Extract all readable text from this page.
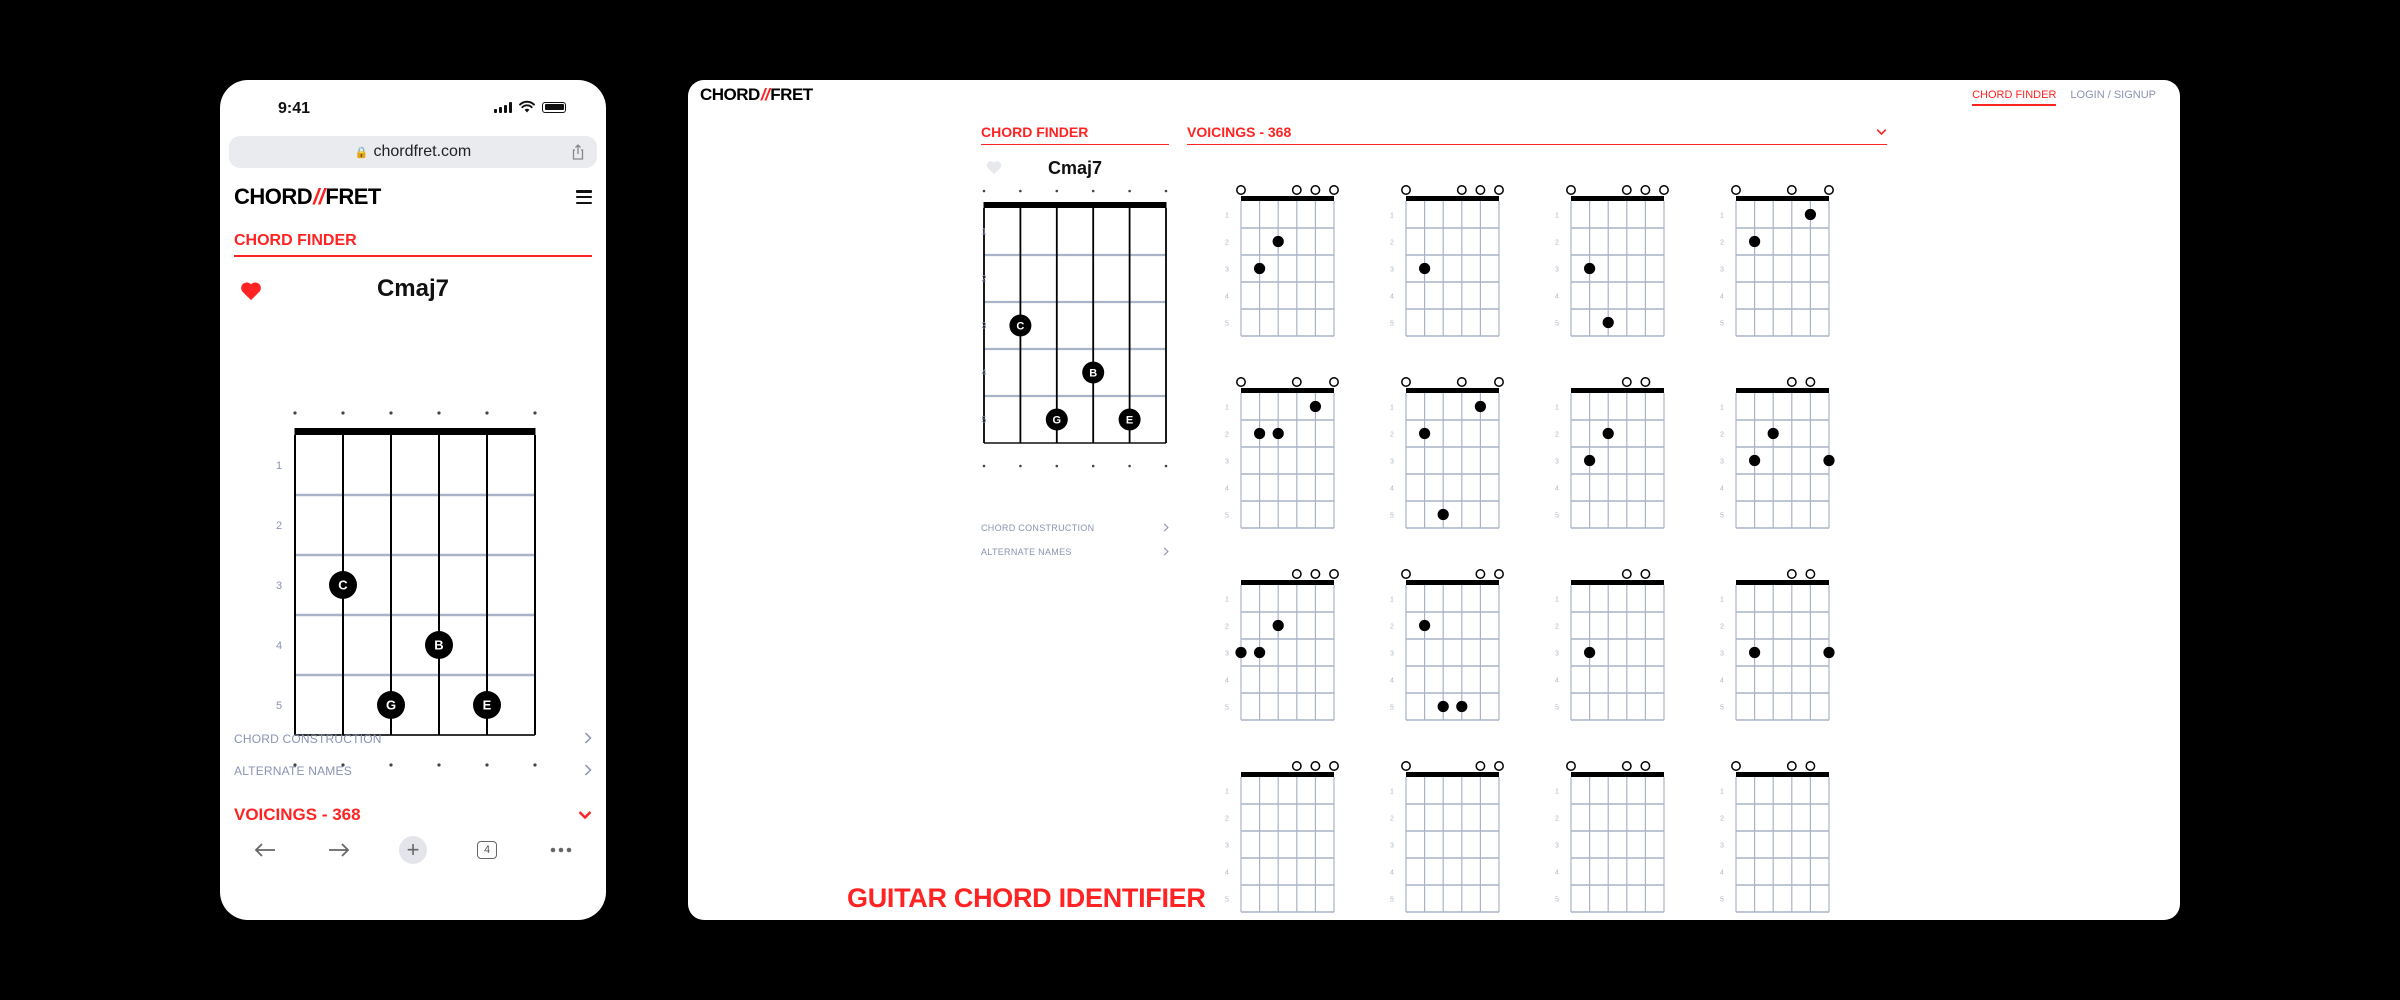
9:41
🔒 chordfret.com
CHORD // FRET
CHORD FINDER
Cmaj7
1
2
3
4
5
C
G
B
E
CHORD CONSTRUCTION
ALTERNATE NAMES
VOICINGS - 368
+	4
CHORD // FRET	CHORD FINDER LOGIN / SIGNUP
CHORD FINDER
Cmaj7
1
2
3
4
5
C
G
B
E
CHORD CONSTRUCTION
ALTERNATE NAMES
VOICINGS - 368
1
2
3
4
5
1
2
3
4
5
1
2
3
4
5
1
2
3
4
5
1
2
3
4
5
1
2
3
4
5
1
2
3
4
5
1
2
3
4
5
1
2
3
4
5
1
2
3
4
5
1
2
3
4
5
1
2
3
4
5
1
2
3
4
5
1
2
3
4
5
1
2
3
4
5
1
2
3
4
5
GUITAR CHORD IDENTIFIER
